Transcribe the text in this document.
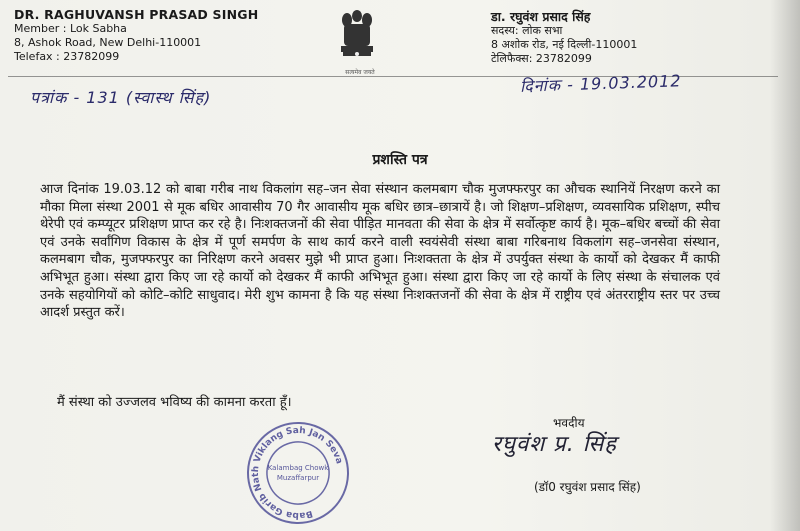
DR. RAGHUVANSH PRASAD SINGH
Member : Lok Sabha
8, Ashok Road, New Delhi-110001
Telefax : 23782099
सत्यमेव जयते
डा. रघुवंश प्रसाद सिंह
सदस्य: लोक सभा
8 अशोक रोड, नई दिल्ली-110001
टेलिफैक्स: 23782099
पत्रांक - 131 (स्वास्थ सिंह)
दिनांक - 19.03.2012
प्रशस्ति पत्र

आज दिनांक 19.03.12 को बाबा गरीब नाथ विकलांग सह–जन सेवा संस्थान कलमबाग चौक मुजफ्फरपुर का औचक स्थानियें निरक्षण करने का मौका मिला संस्था 2001 से मूक बधिर आवासीय 70 गैर आवासीय मूक बधिर छात्र–छात्रायें है। जो शिक्षण–प्रशिक्षण, व्यवसायिक प्रशिक्षण, स्पीच थेरेपी एवं कम्प्यूटर प्रशिक्षण प्राप्त कर रहे है। निःशक्तजनों की सेवा पीड़ित मानवता की सेवा के क्षेत्र में सर्वोत्कृष्ट कार्य है। मूक–बधिर बच्चों की सेवा एवं उनके सर्वांगिण विकास के क्षेत्र में पूर्ण समर्पण के साथ कार्य करने वाली स्वयंसेवी संस्था बाबा गरिबनाथ विकलांग सह–जनसेवा संस्थान, कलमबाग चौक, मुजफ्फरपुर का निरिक्षण करने अवसर मुझे भी प्राप्त हुआ। निःशक्तता के क्षेत्र में उपर्युक्त संस्था के कार्यो को देखकर मैं काफी अभिभूत हुआ। संस्था द्वारा किए जा रहे कार्यो को देखकर मैं काफी अभिभूत हुआ। संस्था द्वारा किए जा रहे कार्यो के लिए संस्था के संचालक एवं उनके सहयोगियों को कोटि–कोटि साधुवाद। मेरी शुभ कामना है कि यह संस्था निःशक्तजनों की सेवा के क्षेत्र में राष्ट्रीय एवं अंतरराष्ट्रीय स्तर पर उच्च आदर्श प्रस्तुत करें।

मैं संस्था को उज्जलव भविष्य की कामना करता हूँ।
भवदीय
रघुवंश प्र. सिंह
(डॉ0 रघुवंश प्रसाद सिंह)
Baba Garib Nath Viklang Sah Jan Seva
Kalambag Chowk
Muzaffarpur
